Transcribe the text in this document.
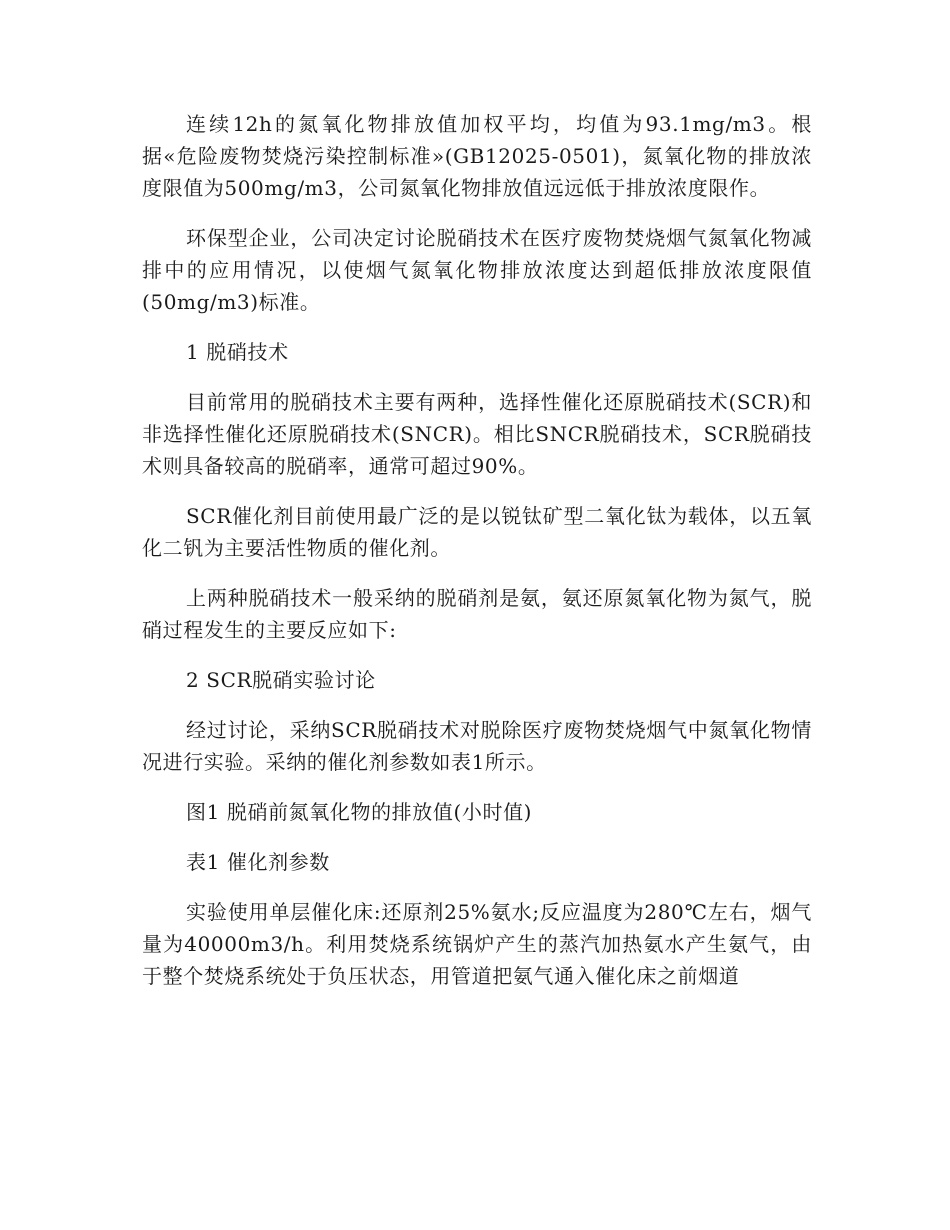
连续12h的氮氧化物排放值加权平均，均值为93.1mg/m3。根据«危险废物焚烧污染控制标准»(GB12025-0501)，氮氧化物的排放浓度限值为500mg/m3，公司氮氧化物排放值远远低于排放浓度限作。

环保型企业，公司决定讨论脱硝技术在医疗废物焚烧烟气氮氧化物减排中的应用情况，以使烟气氮氧化物排放浓度达到超低排放浓度限值(50mg/m3)标准。

1 脱硝技术

目前常用的脱硝技术主要有两种，选择性催化还原脱硝技术(SCR)和非选择性催化还原脱硝技术(SNCR)。相比SNCR脱硝技术，SCR脱硝技术则具备较高的脱硝率，通常可超过90%。

SCR催化剂目前使用最广泛的是以锐钛矿型二氧化钛为载体，以五氧化二钒为主要活性物质的催化剂。

上两种脱硝技术一般采纳的脱硝剂是氨，氨还原氮氧化物为氮气，脱硝过程发生的主要反应如下:

2 SCR脱硝实验讨论

经过讨论，采纳SCR脱硝技术对脱除医疗废物焚烧烟气中氮氧化物情况进行实验。采纳的催化剂参数如表1所示。

图1 脱硝前氮氧化物的排放值(小时值)

表1 催化剂参数

实验使用单层催化床:还原剂25%氨水;反应温度为280℃左右，烟气量为40000m3/h。利用焚烧系统锅炉产生的蒸汽加热氨水产生氨气，由于整个焚烧系统处于负压状态，用管道把氨气通入催化床之前烟道
